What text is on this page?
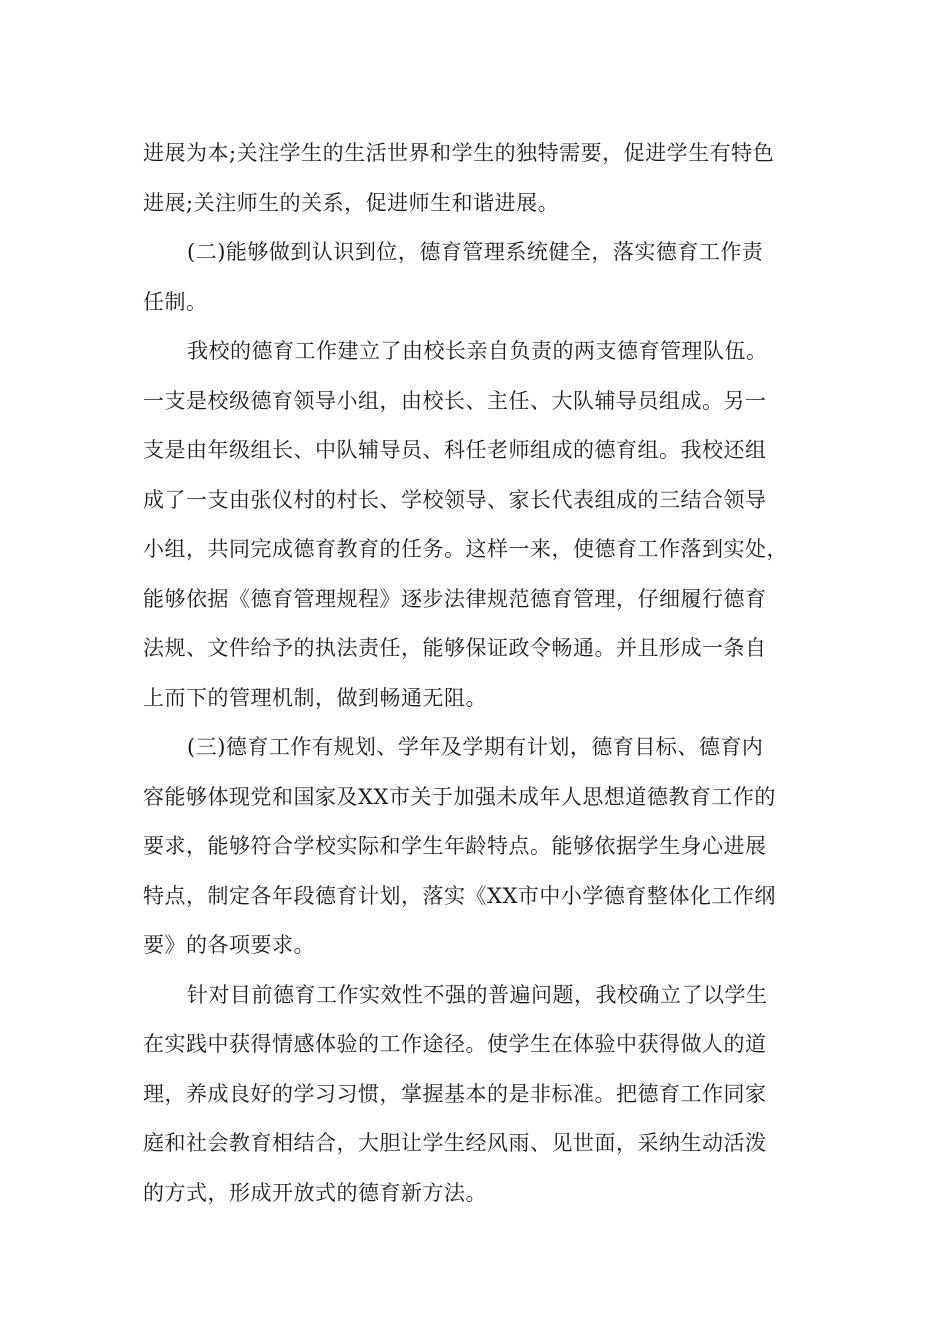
进展为本;关注学生的生活世界和学生的独特需要，促进学生有特色
进展;关注师生的关系，促进师生和谐进展。
(二)能够做到认识到位，德育管理系统健全，落实德育工作责
任制。
我校的德育工作建立了由校长亲自负责的两支德育管理队伍。
一支是校级德育领导小组，由校长、主任、大队辅导员组成。另一
支是由年级组长、中队辅导员、科任老师组成的德育组。我校还组
成了一支由张仪村的村长、学校领导、家长代表组成的三结合领导
小组，共同完成德育教育的任务。这样一来，使德育工作落到实处，
能够依据《德育管理规程》逐步法律规范德育管理，仔细履行德育
法规、文件给予的执法责任，能够保证政令畅通。并且形成一条自
上而下的管理机制，做到畅通无阻。
(三)德育工作有规划、学年及学期有计划，德育目标、德育内
容能够体现党和国家及XX市关于加强未成年人思想道德教育工作的
要求，能够符合学校实际和学生年龄特点。能够依据学生身心进展
特点，制定各年段德育计划，落实《XX市中小学德育整体化工作纲
要》的各项要求。
针对目前德育工作实效性不强的普遍问题，我校确立了以学生
在实践中获得情感体验的工作途径。使学生在体验中获得做人的道
理，养成良好的学习习惯，掌握基本的是非标准。把德育工作同家
庭和社会教育相结合，大胆让学生经风雨、见世面，采纳生动活泼
的方式，形成开放式的德育新方法。
